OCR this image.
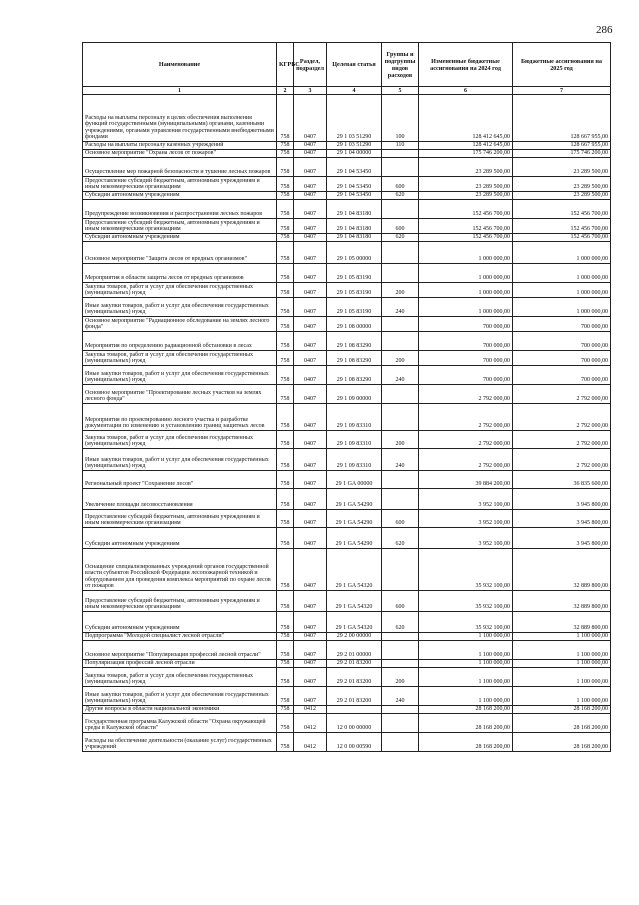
286
Наименование	КГРБС	Раздел, подраздел	Целевая статья	Группы и подгруппы видов расходов	Измененные бюджетные ассигнования на 2024 год	Бюджетные ассигнования на 2025 год
1	2	3	4	5	6	7
Расходы на выплаты персоналу в целях обеспечения выполнения функций государственными (муниципальными) органами, казенными учреждениями, органами управления государственными внебюджетными фондами	758	0407	29 1 03 51290	100	128 412 645,00	128 667 955,00
Расходы на выплаты персоналу казенных учреждений	758	0407	29 1 03 51290	110	128 412 645,00	128 667 955,00
Основное мероприятие "Охрана лесов от пожаров"	758	0407	29 1 04 00000		175 746 200,00	175 746 200,00
Осуществление мер пожарной безопасности и тушение лесных пожаров	758	0407	29 1 04 53450		23 289 500,00	23 289 500,00
Предоставление субсидий бюджетным, автономным учреждениям и иным некоммерческим организациям	758	0407	29 1 04 53450	600	23 289 500,00	23 289 500,00
Субсидии автономным учреждениям	758	0407	29 1 04 53450	620	23 289 500,00	23 289 500,00
Предупреждение возникновения и распространения лесных пожаров	758	0407	29 1 04 83180		152 456 700,00	152 456 700,00
Предоставление субсидий бюджетным, автономным учреждениям и иным некоммерческим организациям	758	0407	29 1 04 83180	600	152 456 700,00	152 456 700,00
Субсидии автономным учреждениям	758	0407	29 1 04 83180	620	152 456 700,00	152 456 700,00
Основное мероприятие "Защита лесов от вредных организмов"	758	0407	29 1 05 00000		1 000 000,00	1 000 000,00
Мероприятия в области защиты лесов от вредных организмов	758	0407	29 1 05 83190		1 000 000,00	1 000 000,00
Закупка товаров, работ и услуг для обеспечения государственных (муниципальных) нужд	758	0407	29 1 05 83190	200	1 000 000,00	1 000 000,00
Иные закупки товаров, работ и услуг для обеспечения государственных (муниципальных) нужд	758	0407	29 1 05 83190	240	1 000 000,00	1 000 000,00
Основное мероприятие "Радиационное обследование на землях лесного фонда"	758	0407	29 1 08 00000		700 000,00	700 000,00
Мероприятия по определению радиационной обстановки в лесах	758	0407	29 1 08 83290		700 000,00	700 000,00
Закупка товаров, работ и услуг для обеспечения государственных (муниципальных) нужд	758	0407	29 1 08 83290	200	700 000,00	700 000,00
Иные закупки товаров, работ и услуг для обеспечения государственных (муниципальных) нужд	758	0407	29 1 08 83290	240	700 000,00	700 000,00
Основное мероприятие "Проектирование лесных участков на землях лесного фонда"	758	0407	29 1 09 00000		2 792 000,00	2 792 000,00
Мероприятия по проектированию лесного участка и разработке документации по изменению и установлению границ защитных лесов	758	0407	29 1 09 83310		2 792 000,00	2 792 000,00
Закупка товаров, работ и услуг для обеспечения государственных (муниципальных) нужд	758	0407	29 1 09 83310	200	2 792 000,00	2 792 000,00
Иные закупки товаров, работ и услуг для обеспечения государственных (муниципальных) нужд	758	0407	29 1 09 83310	240	2 792 000,00	2 792 000,00
Региональный проект "Сохранение лесов"	758	0407	29 1 GA 00000		39 884 200,00	36 835 600,00
Увеличение площади лесовосстановления	758	0407	29 1 GA 54290		3 952 100,00	3 945 800,00
Предоставление субсидий бюджетным, автономным учреждениям и иным некоммерческим организациям	758	0407	29 1 GA 54290	600	3 952 100,00	3 945 800,00
Субсидии автономным учреждениям	758	0407	29 1 GA 54290	620	3 952 100,00	3 945 800,00
Оснащение специализированных учреждений органов государственной власти субъектов Российской Федерации лесопожарной техникой и оборудованием для проведения комплекса мероприятий по охране лесов от пожаров	758	0407	29 1 GA 54320		35 932 100,00	32 889 800,00
Предоставление субсидий бюджетным, автономным учреждениям и иным некоммерческим организациям	758	0407	29 1 GA 54320	600	35 932 100,00	32 889 800,00
Субсидии автономным учреждениям	758	0407	29 1 GA 54320	620	35 932 100,00	32 889 800,00
Подпрограмма "Молодой специалист лесной отрасли"	758	0407	29 2 00 00000		1 100 000,00	1 100 000,00
Основное мероприятие "Популяризация профессий лесной отрасли"	758	0407	29 2 01 00000		1 100 000,00	1 100 000,00
Популяризация профессий лесной отрасли	758	0407	29 2 01 83200		1 100 000,00	1 100 000,00
Закупка товаров, работ и услуг для обеспечения государственных (муниципальных) нужд	758	0407	29 2 01 83200	200	1 100 000,00	1 100 000,00
Иные закупки товаров, работ и услуг для обеспечения государственных (муниципальных) нужд	758	0407	29 2 01 83200	240	1 100 000,00	1 100 000,00
Другие вопросы в области национальной экономики	758	0412			28 168 200,00	28 168 200,00
Государственная программа Калужской области "Охрана окружающей среды в Калужской области"	758	0412	12 0 00 00000		28 168 200,00	28 168 200,00
Расходы на обеспечение деятельности (оказание услуг) государственных учреждений	758	0412	12 0 00 00590		28 168 200,00	28 168 200,00
